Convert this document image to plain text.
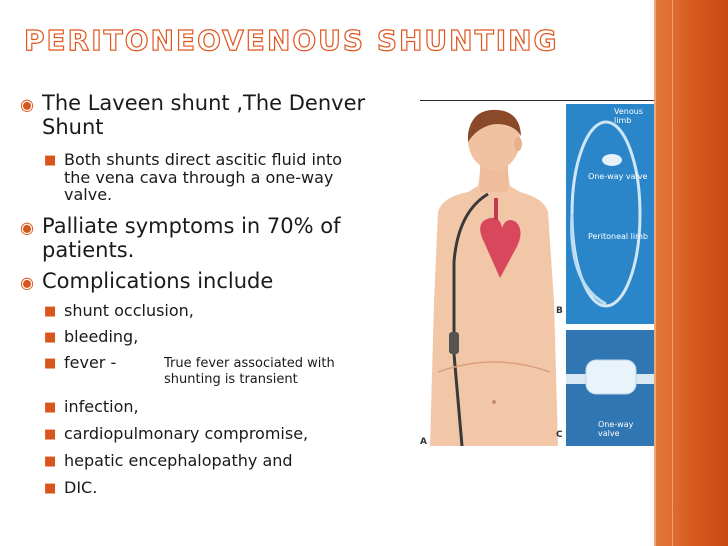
PERITONEOVENOUS SHUNTING
◉ The Laveen shunt ,The Denver
Shunt
■ Both shunts direct ascitic fluid into
the vena cava through a one-way
valve.
◉ Palliate symptoms in 70% of
patients.
◉ Complications include
■ shunt occlusion,
■ bleeding,
■ fever -	True fever associated with
shunting is transient
■ infection,
■ cardiopulmonary compromise,
■ hepatic encephalopathy and
■ DIC.
A
Venous limb
One-way valve
Peritoneal limb
B
One-way valve
C
